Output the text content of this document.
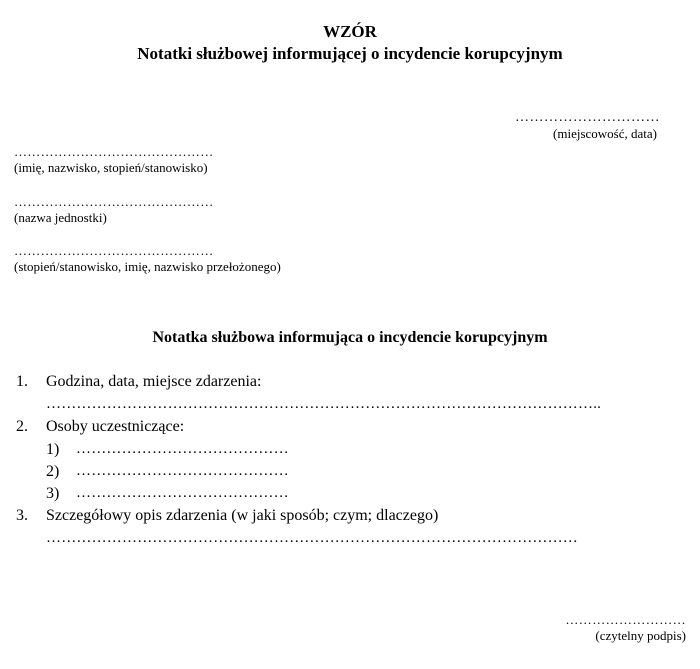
WZÓR
Notatki służbowej informującej o incydencie korupcyjnym
…………………………
(miejscowość, data)
………………………………………
(imię, nazwisko, stopień/stanowisko)
………………………………………
(nazwa jednostki)
………………………………………
(stopień/stanowisko, imię, nazwisko przełożonego)
Notatka służbowa informująca o incydencie korupcyjnym
1. Godzina, data, miejsce zdarzenia:
………………………………………………………………………………………………..
2. Osoby uczestniczące:
1) ……………………………………
2) ……………………………………
3) ……………………………………
3. Szczegółowy opis zdarzenia (w jaki sposób; czym; dlaczego)
……………………………………………………………………………………………
………………………
(czytelny podpis)
